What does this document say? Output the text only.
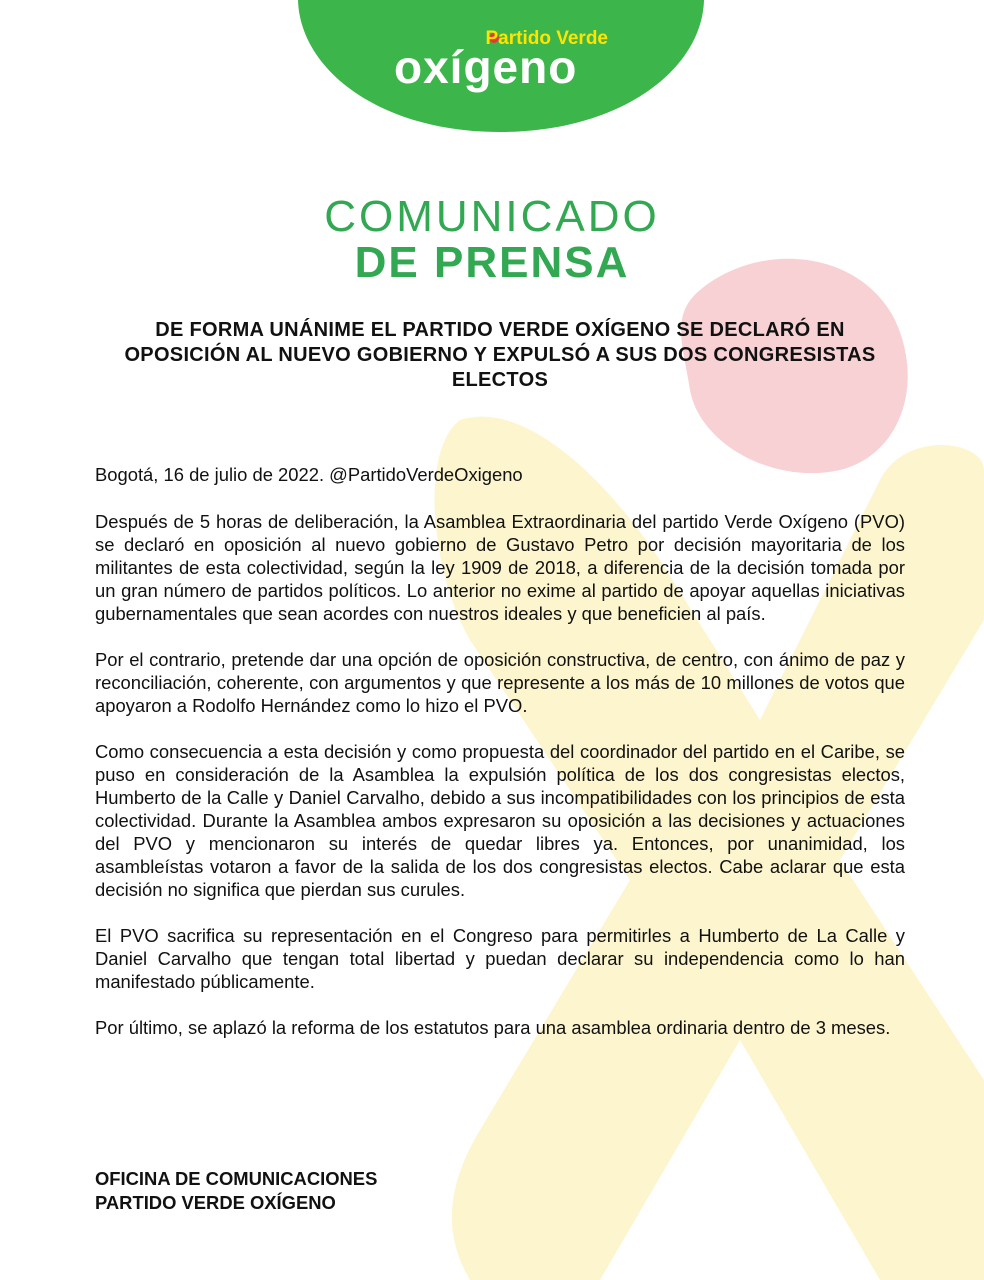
Partido Verde
oxígeno
COMUNICADO
DE PRENSA
DE FORMA UNÁNIME EL PARTIDO VERDE OXÍGENO SE DECLARÓ EN OPOSICIÓN AL NUEVO GOBIERNO Y EXPULSÓ A SUS DOS CONGRESISTAS ELECTOS

Bogotá, 16 de julio de 2022. @PartidoVerdeOxigeno

Después de 5 horas de deliberación, la Asamblea Extraordinaria del partido Verde Oxígeno (PVO) se declaró en oposición al nuevo gobierno de Gustavo Petro por decisión mayoritaria de los militantes de esta colectividad, según la ley 1909 de 2018, a diferencia de la decisión tomada por un gran número de partidos políticos. Lo anterior no exime al partido de apoyar aquellas iniciativas gubernamentales que sean acordes con nuestros ideales y que beneficien al país.

Por el contrario, pretende dar una opción de oposición constructiva, de centro, con ánimo de paz y reconciliación, coherente, con argumentos y que represente a los más de 10 millones de votos que apoyaron a Rodolfo Hernández como lo hizo el PVO.

Como consecuencia a esta decisión y como propuesta del coordinador del partido en el Caribe, se puso en consideración de la Asamblea la expulsión política de los dos congresistas electos, Humberto de la Calle y Daniel Carvalho, debido a sus incompatibilidades con los principios de esta colectividad. Durante la Asamblea ambos expresaron su oposición a las decisiones y actuaciones del PVO y mencionaron su interés de quedar libres ya. Entonces, por unanimidad, los asambleístas votaron a favor de la salida de los dos congresistas electos. Cabe aclarar que esta decisión no significa que pierdan sus curules.

El PVO sacrifica su representación en el Congreso para permitirles a Humberto de La Calle y Daniel Carvalho que tengan total libertad y puedan declarar su independencia como lo han manifestado públicamente.

Por último, se aplazó la reforma de los estatutos para una asamblea ordinaria dentro de 3 meses.

OFICINA DE COMUNICACIONES
PARTIDO VERDE OXÍGENO
